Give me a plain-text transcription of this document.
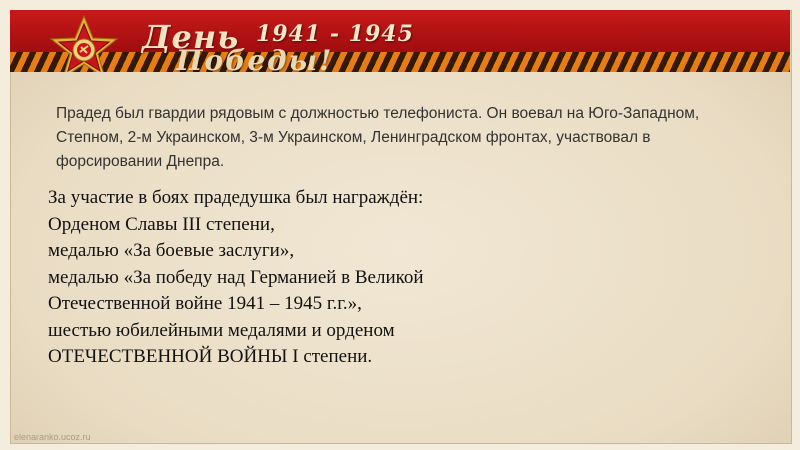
День 1941 - 1945
Победы!
Прадед был гвардии рядовым с должностью телефониста. Он воевал на Юго-Западном, Степном, 2-м Украинском, 3-м Украинском, Ленинградском фронтах, участвовал в форсировании Днепра.
За участие в боях прадедушка был награждён:
Орденом Славы III степени,
медалью «За боевые заслуги»,
медалью «За победу над Германией в Великой
Отечественной войне 1941 – 1945 г.г.»,
шестью юбилейными медалями и орденом
ОТЕЧЕСТВЕННОЙ ВОЙНЫ I степени.
elenaranko.ucoz.ru
